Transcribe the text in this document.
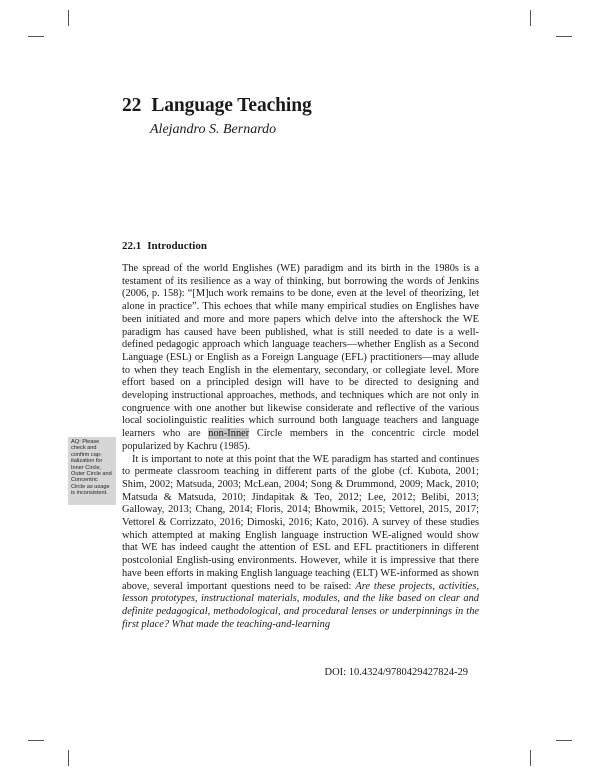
22 Language Teaching
Alejandro S. Bernardo
22.1 Introduction

The spread of the world Englishes (WE) paradigm and its birth in the 1980s is a testament of its resilience as a way of thinking, but borrowing the words of Jenkins (2006, p. 158): “[M]uch work remains to be done, even at the level of theorizing, let alone in practice”. This echoes that while many empirical studies on Englishes have been initiated and more and more papers which delve into the aftershock the WE paradigm has caused have been published, what is still needed to date is a well-defined pedagogic approach which language teachers—whether English as a Second Language (ESL) or English as a Foreign Language (EFL) practitioners—may allude to when they teach English in the elementary, secondary, or collegiate level. More effort based on a principled design will have to be directed to designing and developing instructional approaches, methods, and techniques which are not only in congruence with one another but likewise considerate and reflective of the various local sociolinguistic realities which surround both language teachers and language learners who are non-Inner Circle members in the concentric circle model popularized by Kachru (1985).

It is important to note at this point that the WE paradigm has started and continues to permeate classroom teaching in different parts of the globe (cf. Kubota, 2001; Shim, 2002; Matsuda, 2003; McLean, 2004; Song & Drummond, 2009; Mack, 2010; Matsuda & Matsuda, 2010; Jindapitak & Teo, 2012; Lee, 2012; Belibi, 2013; Galloway, 2013; Chang, 2014; Floris, 2014; Bhowmik, 2015; Vettorel, 2015, 2017; Vettorel & Corrizzato, 2016; Dimoski, 2016; Kato, 2016). A survey of these studies which attempted at making English language instruction WE-aligned would show that WE has indeed caught the attention of ESL and EFL practitioners in different postcolonial English-using environments. However, while it is impressive that there have been efforts in making English language teaching (ELT) WE-informed as shown above, several important questions need to be raised: Are these projects, activities, lesson prototypes, instructional materials, modules, and the like based on clear and definite pedagogical, methodological, and procedural lenses or underpinnings in the first place? What made the teaching-and-learning

AQ: Please check and confirm capitalization for Inner Circle, Outer Circle and Concentric Circle as usage is inconsistent.
DOI: 10.4324/9780429427824-29
